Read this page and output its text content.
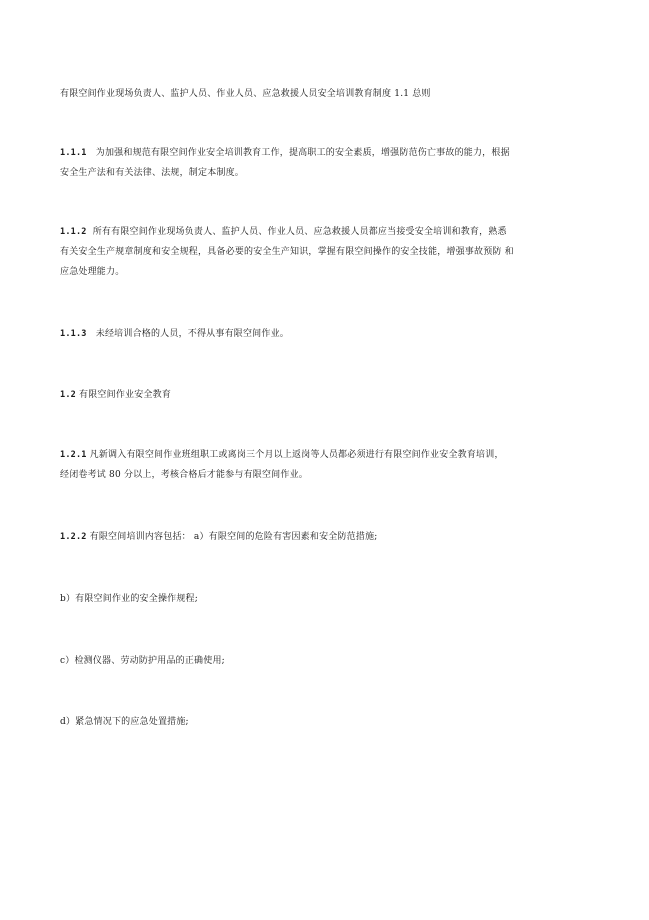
有限空间作业现场负责人、监护人员、作业人员、应急救援人员安全培训教育制度 1.1 总则
1.1.1 为加强和规范有限空间作业安全培训教育工作，提高职工的安全素质，增强防范伤亡事故的能力，根据
安全生产法和有关法律、法规，制定本制度。
1.1.2 所有有限空间作业现场负责人、监护人员、作业人员、应急救援人员都应当接受安全培训和教育，熟悉
有关安全生产规章制度和安全规程，具备必要的安全生产知识，掌握有限空间操作的安全技能，增强事故预防 和
应急处理能力。
1.1.3 未经培训合格的人员，不得从事有限空间作业。
1.2 有限空间作业安全教育
1.2.1 凡新调入有限空间作业班组职工或离岗三个月以上返岗等人员都必须进行有限空间作业安全教育培训，
经闭卷考试 80 分以上，考核合格后才能参与有限空间作业。
1.2.2 有限空间培训内容包括： a）有限空间的危险有害因素和安全防范措施;
b）有限空间作业的安全操作规程;
c）检测仪器、劳动防护用品的正确使用;
d）紧急情况下的应急处置措施;
